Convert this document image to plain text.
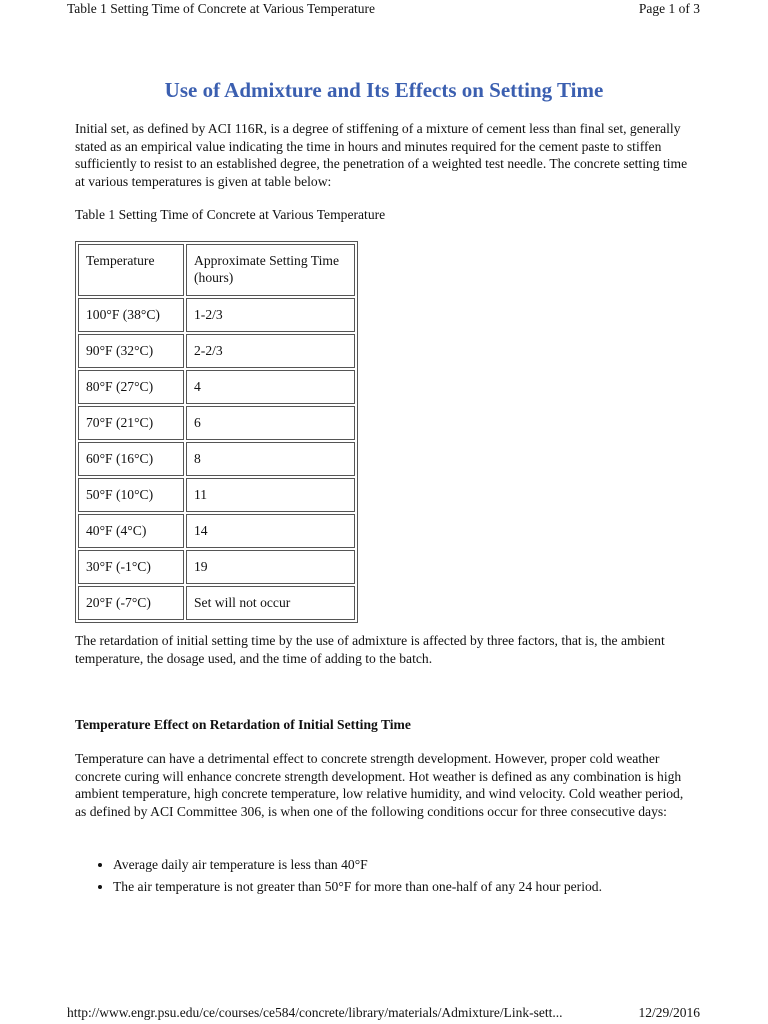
Table 1 Setting Time of Concrete at Various Temperature	Page 1 of 3
Use of Admixture and Its Effects on Setting Time

Initial set, as defined by ACI 116R, is a degree of stiffening of a mixture of cement less than final set, generally stated as an empirical value indicating the time in hours and minutes required for the cement paste to stiffen sufficiently to resist to an established degree, the penetration of a weighted test needle. The concrete setting time at various temperatures is given at table below:

Table 1 Setting Time of Concrete at Various Temperature

Temperature	Approximate Setting Time (hours)
100°F (38°C)	1-2/3
90°F (32°C)	2-2/3
80°F (27°C)	4
70°F (21°C)	6
60°F (16°C)	8
50°F (10°C)	11
40°F (4°C)	14
30°F (-1°C)	19
20°F (-7°C)	Set will not occur

The retardation of initial setting time by the use of admixture is affected by three factors, that is, the ambient temperature, the dosage used, and the time of adding to the batch.

Temperature Effect on Retardation of Initial Setting Time

Temperature can have a detrimental effect to concrete strength development. However, proper cold weather concrete curing will enhance concrete strength development. Hot weather is defined as any combination is high ambient temperature, high concrete temperature, low relative humidity, and wind velocity. Cold weather period, as defined by ACI Committee 306, is when one of the following conditions occur for three consecutive days:

• Average daily air temperature is less than 40°F
• The air temperature is not greater than 50°F for more than one-half of any 24 hour period.
http://www.engr.psu.edu/ce/courses/ce584/concrete/library/materials/Admixture/Link-sett...	12/29/2016
